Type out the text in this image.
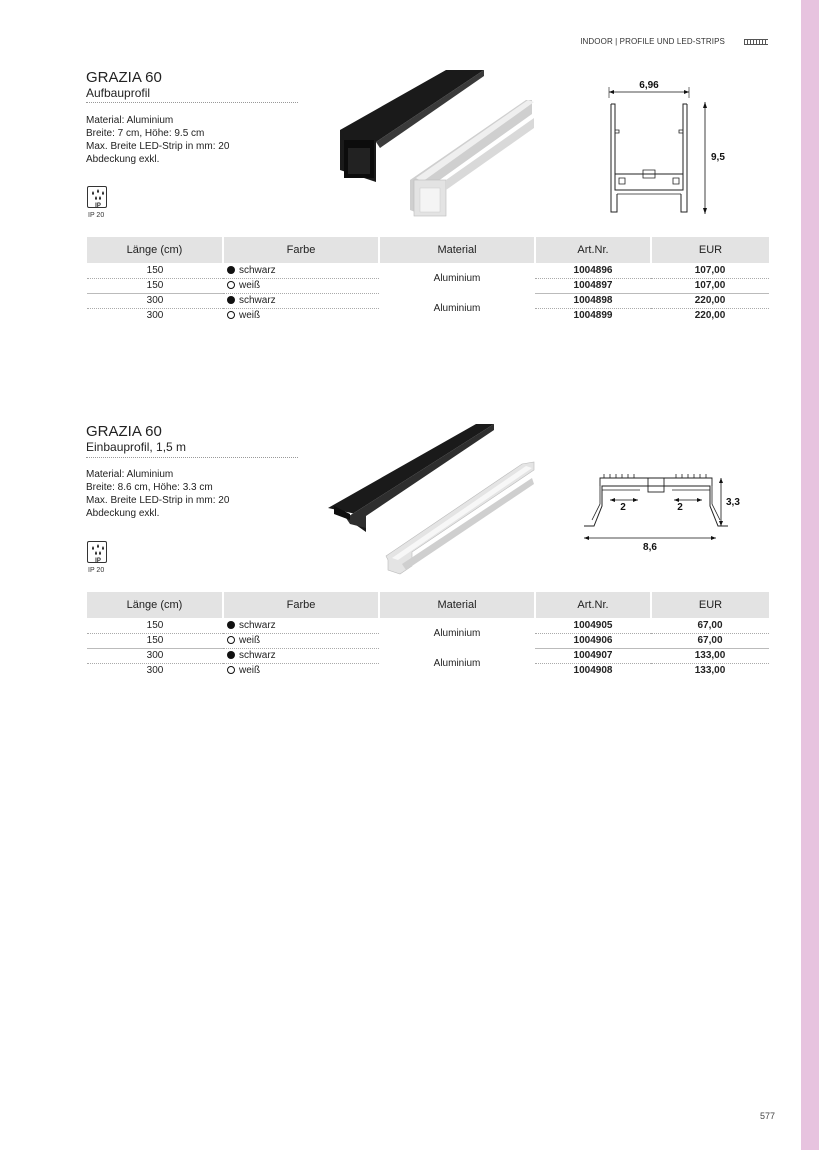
INDOOR | PROFILE UND LED-STRIPS
GRAZIA 60
Aufbauprofil
Material: Aluminium
Breite: 7 cm, Höhe: 9.5 cm
Max. Breite LED-Strip in mm: 20
Abdeckung exkl.
IP
IP 20
6,96
9,5
Länge (cm)	Farbe	Material	Art.Nr.	EUR
150	schwarz	Aluminium	1004896	107,00
150	weiß		1004897	107,00
300	schwarz	Aluminium	1004898	220,00
300	weiß		1004899	220,00
GRAZIA 60
Einbauprofil, 1,5 m
Material: Aluminium
Breite: 8.6 cm, Höhe: 3.3 cm
Max. Breite LED-Strip in mm: 20
Abdeckung exkl.
IP
IP 20
2	2
8,6
3,3
Länge (cm)	Farbe	Material	Art.Nr.	EUR
150	schwarz	Aluminium	1004905	67,00
150	weiß		1004906	67,00
300	schwarz	Aluminium	1004907	133,00
300	weiß		1004908	133,00
577
